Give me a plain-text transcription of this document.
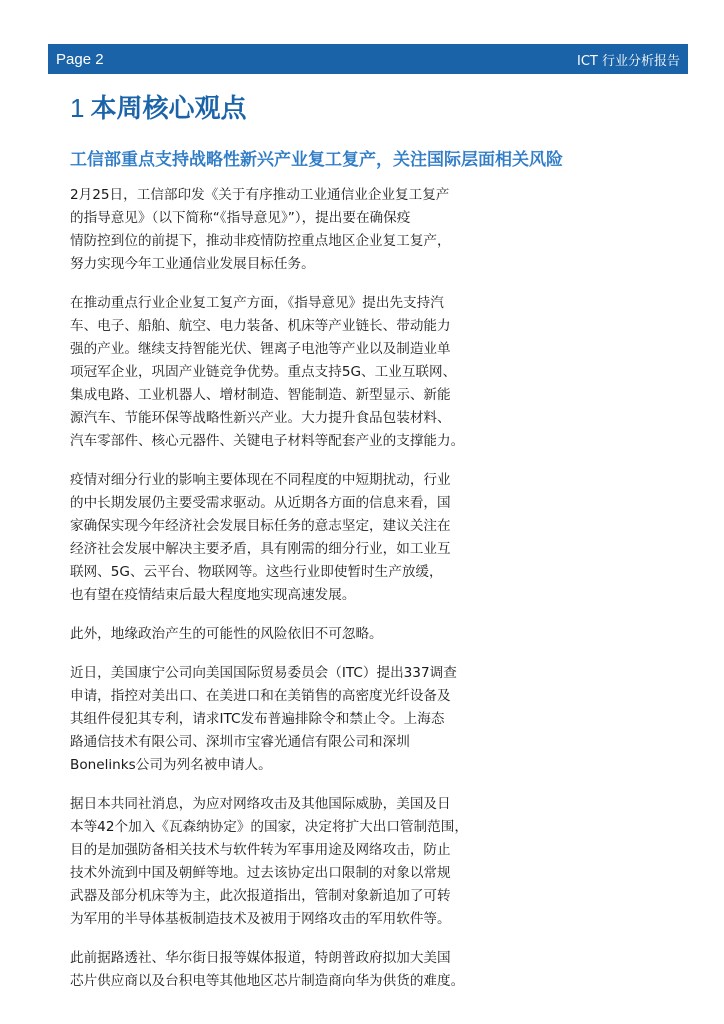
Page 2	ICT 行业分析报告
1 本周核心观点
工信部重点支持战略性新兴产业复工复产，关注国际层面相关风险

2月25日，工信部印发《关于有序推动工业通信业企业复工复产
的指导意见》（以下简称“《指导意见》”），提出要在确保疫
情防控到位的前提下，推动非疫情防控重点地区企业复工复产，
努力实现今年工业通信业发展目标任务。

在推动重点行业企业复工复产方面，《指导意见》提出先支持汽
车、电子、船舶、航空、电力装备、机床等产业链长、带动能力
强的产业。继续支持智能光伏、锂离子电池等产业以及制造业单
项冠军企业，巩固产业链竞争优势。重点支持5G、工业互联网、
集成电路、工业机器人、增材制造、智能制造、新型显示、新能
源汽车、节能环保等战略性新兴产业。大力提升食品包装材料、
汽车零部件、核心元器件、关键电子材料等配套产业的支撑能力。

疫情对细分行业的影响主要体现在不同程度的中短期扰动，行业
的中长期发展仍主要受需求驱动。从近期各方面的信息来看，国
家确保实现今年经济社会发展目标任务的意志坚定，建议关注在
经济社会发展中解决主要矛盾，具有刚需的细分行业，如工业互
联网、5G、云平台、物联网等。这些行业即使暂时生产放缓，
也有望在疫情结束后最大程度地实现高速发展。

此外，地缘政治产生的可能性的风险依旧不可忽略。

近日，美国康宁公司向美国国际贸易委员会（ITC）提出337调查
申请，指控对美出口、在美进口和在美销售的高密度光纤设备及
其组件侵犯其专利，请求ITC发布普遍排除令和禁止令。上海态
路通信技术有限公司、深圳市宝睿光通信有限公司和深圳
Bonelinks公司为列名被申请人。

据日本共同社消息，为应对网络攻击及其他国际威胁，美国及日
本等42个加入《瓦森纳协定》的国家，决定将扩大出口管制范围，
目的是加强防备相关技术与软件转为军事用途及网络攻击，防止
技术外流到中国及朝鲜等地。过去该协定出口限制的对象以常规
武器及部分机床等为主，此次报道指出，管制对象新追加了可转
为军用的半导体基板制造技术及被用于网络攻击的军用软件等。

此前据路透社、华尔街日报等媒体报道，特朗普政府拟加大美国
芯片供应商以及台积电等其他地区芯片制造商向华为供货的难度。
